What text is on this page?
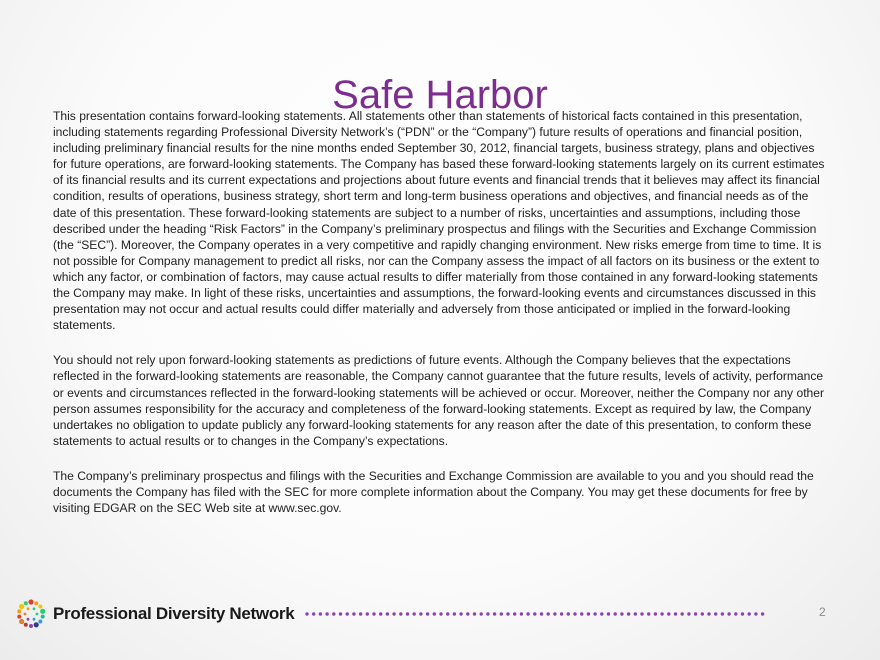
Safe Harbor

This presentation contains forward-looking statements. All statements other than statements of historical facts contained in this presentation, including statements regarding Professional Diversity Network’s (“PDN” or the “Company”) future results of operations and financial position, including preliminary financial results for the nine months ended September 30, 2012, financial targets, business strategy, plans and objectives for future operations, are forward-looking statements. The Company has based these forward-looking statements largely on its current estimates of its financial results and its current expectations and projections about future events and financial trends that it believes may affect its financial condition, results of operations, business strategy, short term and long-term business operations and objectives, and financial needs as of the date of this presentation. These forward-looking statements are subject to a number of risks, uncertainties and assumptions, including those described under the heading “Risk Factors” in the Company’s preliminary prospectus and filings with the Securities and Exchange Commission (the “SEC”). Moreover, the Company operates in a very competitive and rapidly changing environment. New risks emerge from time to time. It is not possible for Company management to predict all risks, nor can the Company assess the impact of all factors on its business or the extent to which any factor, or combination of factors, may cause actual results to differ materially from those contained in any forward-looking statements the Company may make. In light of these risks, uncertainties and assumptions, the forward-looking events and circumstances discussed in this presentation may not occur and actual results could differ materially and adversely from those anticipated or implied in the forward-looking statements.

You should not rely upon forward-looking statements as predictions of future events. Although the Company believes that the expectations reflected in the forward-looking statements are reasonable, the Company cannot guarantee that the future results, levels of activity, performance or events and circumstances reflected in the forward-looking statements will be achieved or occur. Moreover, neither the Company nor any other person assumes responsibility for the accuracy and completeness of the forward-looking statements. Except as required by law, the Company undertakes no obligation to update publicly any forward-looking statements for any reason after the date of this presentation, to conform these statements to actual results or to changes in the Company’s expectations.

The Company’s preliminary prospectus and filings with the Securities and Exchange Commission are available to you and you should read the documents the Company has filed with the SEC for more complete information about the Company. You may get these documents for free by visiting EDGAR on the SEC Web site at www.sec.gov.

Professional Diversity Network	2
